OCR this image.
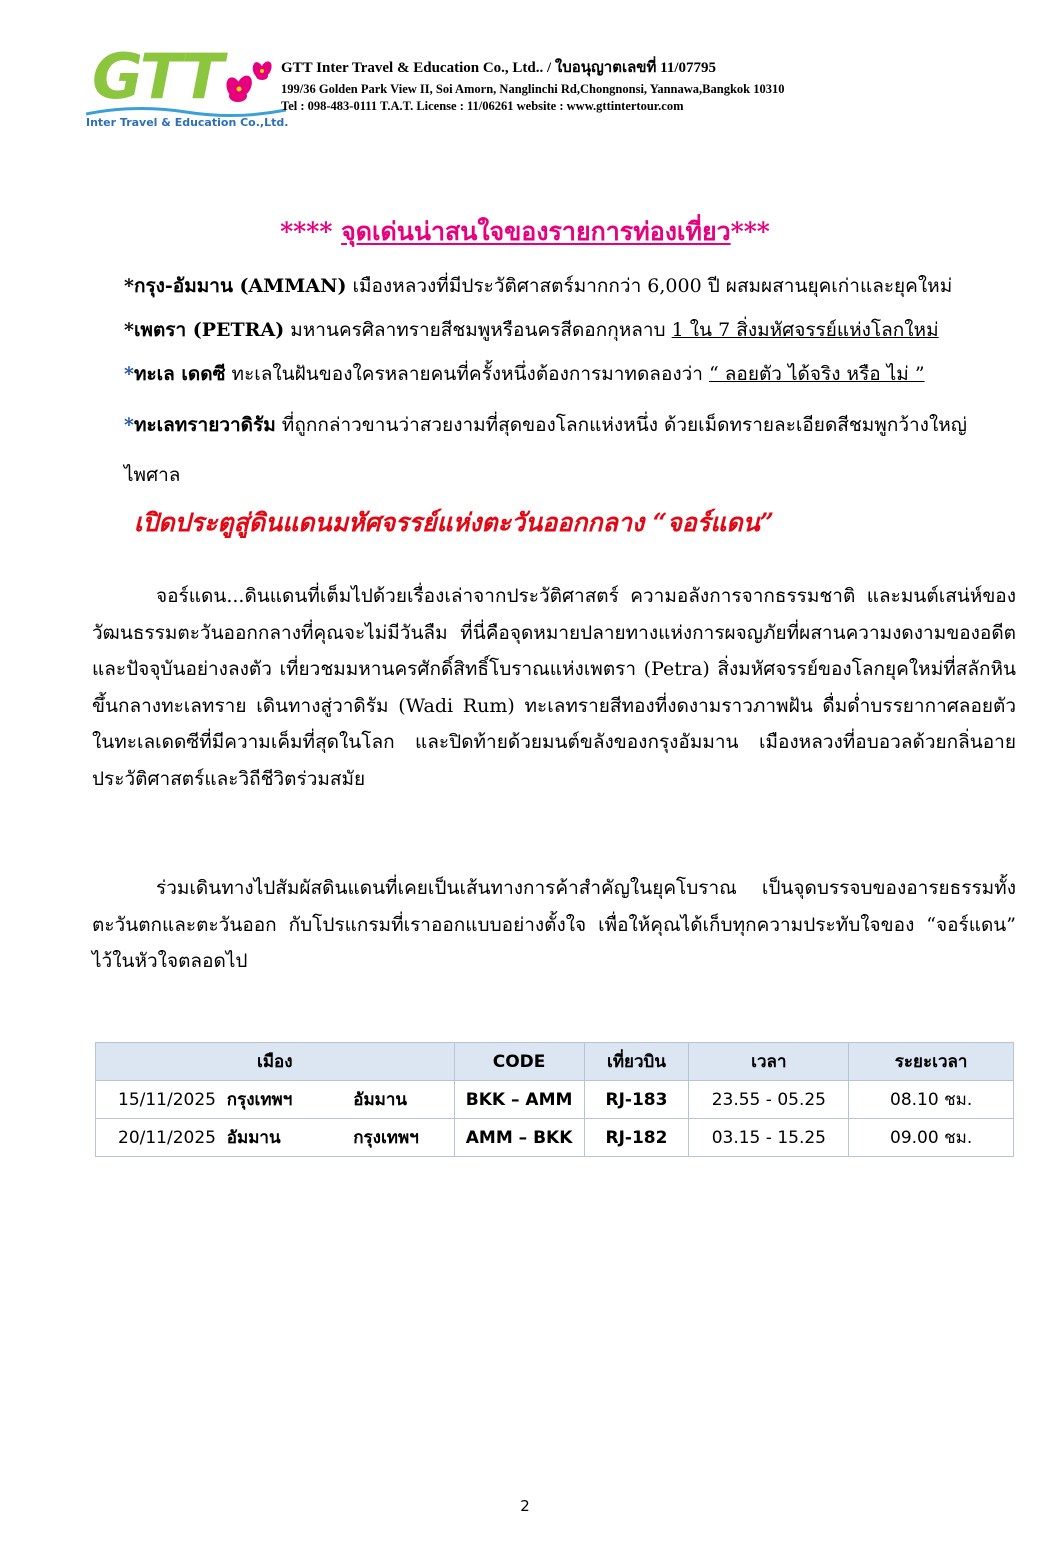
GTT
Inter Travel & Education Co.,Ltd.
GTT Inter Travel & Education Co., Ltd.. / ใบอนุญาตเลขที่ 11/07795
199/36 Golden Park View II, Soi Amorn, Nanglinchi Rd,Chongnonsi, Yannawa,Bangkok 10310
Tel : 098-483-0111 T.A.T. License : 11/06261 website : www.gttintertour.com
**** จุดเด่นน่าสนใจของรายการท่องเที่ยว***
*กรุง-อัมมาน (AMMAN) เมืองหลวงที่มีประวัติศาสตร์มากกว่า 6,000 ปี ผสมผสานยุคเก่าและยุคใหม่
*เพตรา (PETRA) มหานครศิลาทรายสีชมพูหรือนครสีดอกกุหลาบ 1 ใน 7 สิ่งมหัศจรรย์แห่งโลกใหม่
*ทะเล เดดซี ทะเลในฝันของใครหลายคนที่ครั้งหนึ่งต้องการมาทดลองว่า “ ลอยตัว ได้จริง หรือ ไม่ ”
*ทะเลทรายวาดิรัม ที่ถูกกล่าวขานว่าสวยงามที่สุดของโลกแห่งหนึ่ง ด้วยเม็ดทรายละเอียดสีชมพูกว้างใหญ่ไพศาล
เปิดประตูสู่ดินแดนมหัศจรรย์แห่งตะวันออกกลาง “จอร์แดน”
จอร์แดน...ดินแดนที่เต็มไปด้วยเรื่องเล่าจากประวัติศาสตร์ ความอลังการจากธรรมชาติ และมนต์เสน่ห์ของวัฒนธรรมตะวันออกกลางที่คุณจะไม่มีวันลืม ที่นี่คือจุดหมายปลายทางแห่งการผจญภัยที่ผสานความงดงามของอดีตและปัจจุบันอย่างลงตัว เที่ยวชมมหานครศักดิ์สิทธิ์โบราณแห่งเพตรา (Petra) สิ่งมหัศจรรย์ของโลกยุคใหม่ที่สลักหินขึ้นกลางทะเลทราย เดินทางสู่วาดิรัม (Wadi Rum) ทะเลทรายสีทองที่งดงามราวภาพฝัน ดื่มด่ำบรรยากาศลอยตัวในทะเลเดดซีที่มีความเค็มที่สุดในโลก และปิดท้ายด้วยมนต์ขลังของกรุงอัมมาน เมืองหลวงที่อบอวลด้วยกลิ่นอายประวัติศาสตร์และวิถีชีวิตร่วมสมัย
ร่วมเดินทางไปสัมผัสดินแดนที่เคยเป็นเส้นทางการค้าสำคัญในยุคโบราณ เป็นจุดบรรจบของอารยธรรมทั้งตะวันตกและตะวันออก กับโปรแกรมที่เราออกแบบอย่างตั้งใจ เพื่อให้คุณได้เก็บทุกความประทับใจของ “จอร์แดน” ไว้ในหัวใจตลอดไป
เมือง		CODE	เที่ยวบิน	เวลา	ระยะเวลา
15/11/2025 กรุงเทพฯ	อัมมาน	BKK – AMM	RJ-183	23.55 - 05.25	08.10 ชม.
20/11/2025 อัมมาน	กรุงเทพฯ	AMM – BKK	RJ-182	03.15 - 15.25	09.00 ชม.
2
